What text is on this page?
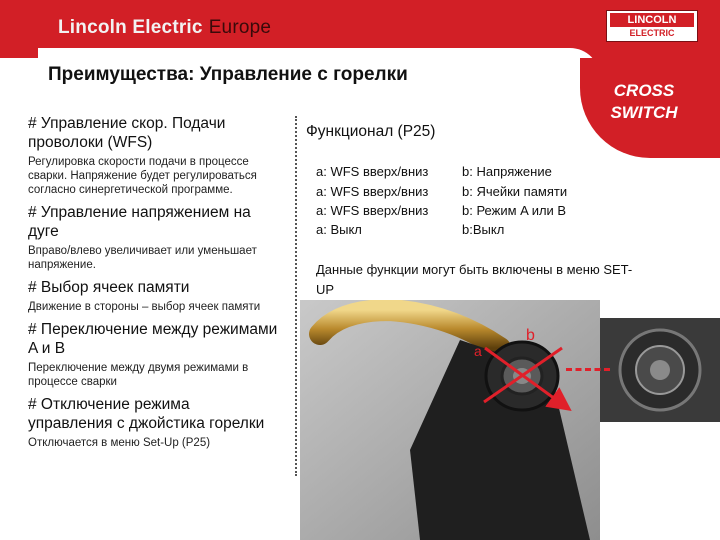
Lincoln Electric Europe	LINCOLN
ELECTRIC
Преимущества: Управление с горелки
CROSS
SWITCH

# Управление скор. Подачи проволоки (WFS)

Регулировка скорости подачи в процессе сварки. Напряжение будет регулироваться согласно синергетической программе.

# Управление напряжением на дуге

Вправо/влево увеличивает или уменьшает напряжение.

# Выбор ячеек памяти

Движение в стороны – выбор ячеек памяти

# Переключение между режимами A и B

Переключение между двумя режимами в процессе сварки

# Отключение режима управления с джойстика горелки

Отключается в меню Set-Up (P25)

Функционал (P25)
a: WFS вверх/вниз	b: Напряжение
a: WFS вверх/вниз	b: Ячейки памяти
a: WFS вверх/вниз	b: Режим A или B
a: Выкл	b:Выкл
Данные функции могут быть включены в меню SET-UP
a
b
